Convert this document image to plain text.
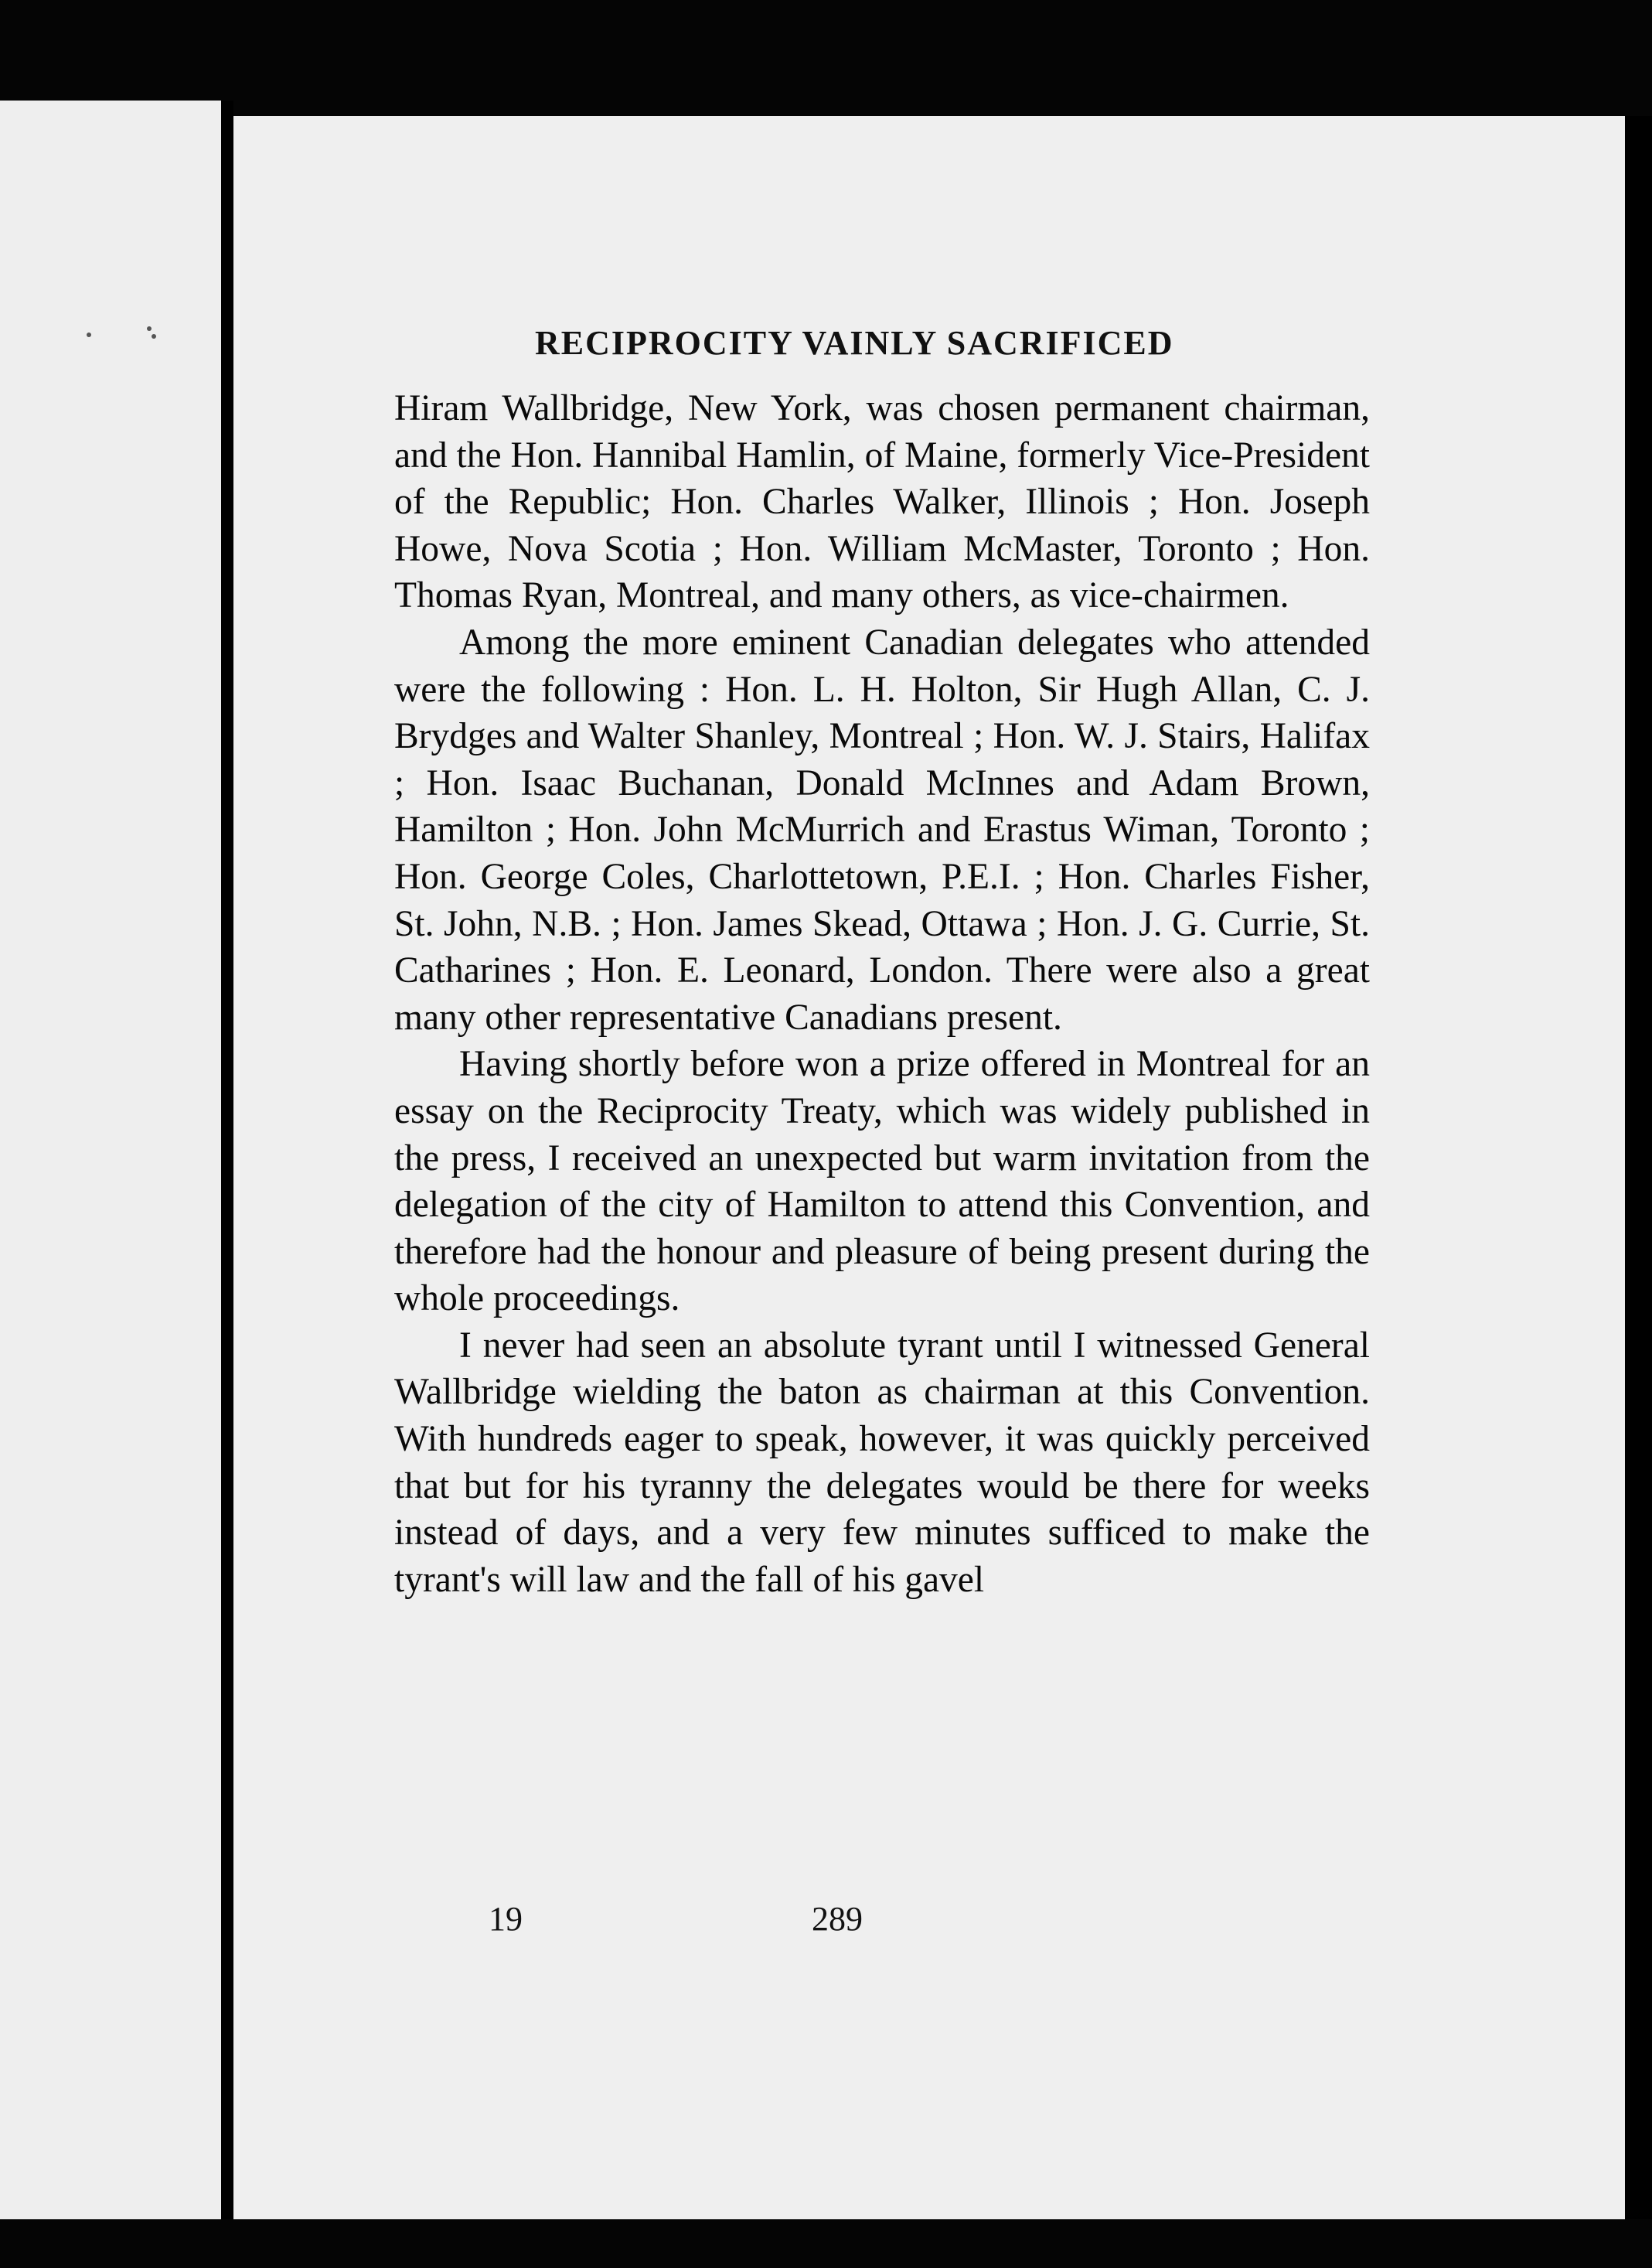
RECIPROCITY VAINLY SACRIFICED

Hiram Wallbridge, New York, was chosen permanent chairman, and the Hon. Hannibal Hamlin, of Maine, formerly Vice-President of the Republic; Hon. Charles Walker, Illinois ; Hon. Joseph Howe, Nova Scotia ; Hon. William McMaster, Toronto ; Hon. Thomas Ryan, Montreal, and many others, as vice-chairmen.

Among the more eminent Canadian delegates who attended were the following : Hon. L. H. Holton, Sir Hugh Allan, C. J. Brydges and Walter Shanley, Montreal ; Hon. W. J. Stairs, Halifax ; Hon. Isaac Buchanan, Donald McInnes and Adam Brown, Hamilton ; Hon. John McMurrich and Erastus Wiman, Toronto ; Hon. George Coles, Charlottetown, P.E.I. ; Hon. Charles Fisher, St. John, N.B. ; Hon. James Skead, Ottawa ; Hon. J. G. Currie, St. Catharines ; Hon. E. Leonard, London. There were also a great many other representative Canadians present.

Having shortly before won a prize offered in Montreal for an essay on the Reciprocity Treaty, which was widely published in the press, I received an unexpected but warm invitation from the delegation of the city of Hamilton to attend this Convention, and therefore had the honour and pleasure of being present during the whole proceedings.

I never had seen an absolute tyrant until I witnessed General Wallbridge wielding the baton as chairman at this Convention. With hundreds eager to speak, however, it was quickly perceived that but for his tyranny the delegates would be there for weeks instead of days, and a very few minutes sufficed to make the tyrant's will law and the fall of his gavel

19	289
